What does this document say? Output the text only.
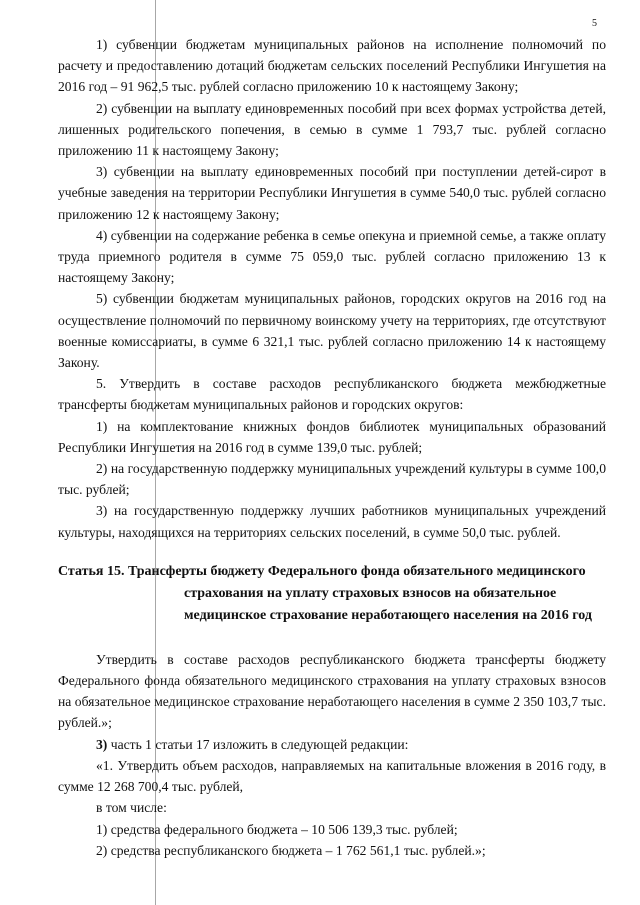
5

1) субвенции бюджетам муниципальных районов на исполнение полномочий по расчету и предоставлению дотаций бюджетам сельских поселений Республики Ингушетия на 2016 год – 91 962,5 тыс. рублей согласно приложению 10 к настоящему Закону;

2) субвенции на выплату единовременных пособий при всех формах устройства детей, лишенных родительского попечения, в семью в сумме 1 793,7 тыс. рублей согласно приложению 11 к настоящему Закону;

3) субвенции на выплату единовременных пособий при поступлении детей-сирот в учебные заведения на территории Республики Ингушетия в сумме 540,0 тыс. рублей согласно приложению 12 к настоящему Закону;

4) субвенции на содержание ребенка в семье опекуна и приемной семье, а также оплату труда приемного родителя в сумме 75 059,0 тыс. рублей согласно приложению 13 к настоящему Закону;

5) субвенции бюджетам муниципальных районов, городских округов на 2016 год на осуществление полномочий по первичному воинскому учету на территориях, где отсутствуют военные комиссариаты, в сумме 6 321,1 тыс. рублей согласно приложению 14 к настоящему Закону.

5. Утвердить в составе расходов республиканского бюджета межбюджетные трансферты бюджетам муниципальных районов и городских округов:

1) на комплектование книжных фондов библиотек муниципальных образований Республики Ингушетия на 2016 год в сумме 139,0 тыс. рублей;

2) на государственную поддержку муниципальных учреждений культуры в сумме 100,0 тыс. рублей;

3) на государственную поддержку лучших работников муниципальных учреждений культуры, находящихся на территориях сельских поселений, в сумме 50,0 тыс. рублей.

Статья 15. Трансферты бюджету Федерального фонда обязательного медицинского страхования на уплату страховых взносов на обязательное медицинское страхование неработающего населения на 2016 год

Утвердить в составе расходов республиканского бюджета трансферты бюджету Федерального фонда обязательного медицинского страхования на уплату страховых взносов на обязательное медицинское страхование неработающего населения в сумме 2 350 103,7 тыс. рублей.»;

3) часть 1 статьи 17 изложить в следующей редакции:

«1. Утвердить объем расходов, направляемых на капитальные вложения в 2016 году, в сумме 12 268 700,4 тыс. рублей,

в том числе:

1) средства федерального бюджета – 10 506 139,3 тыс. рублей;

2) средства республиканского бюджета – 1 762 561,1 тыс. рублей.»;
